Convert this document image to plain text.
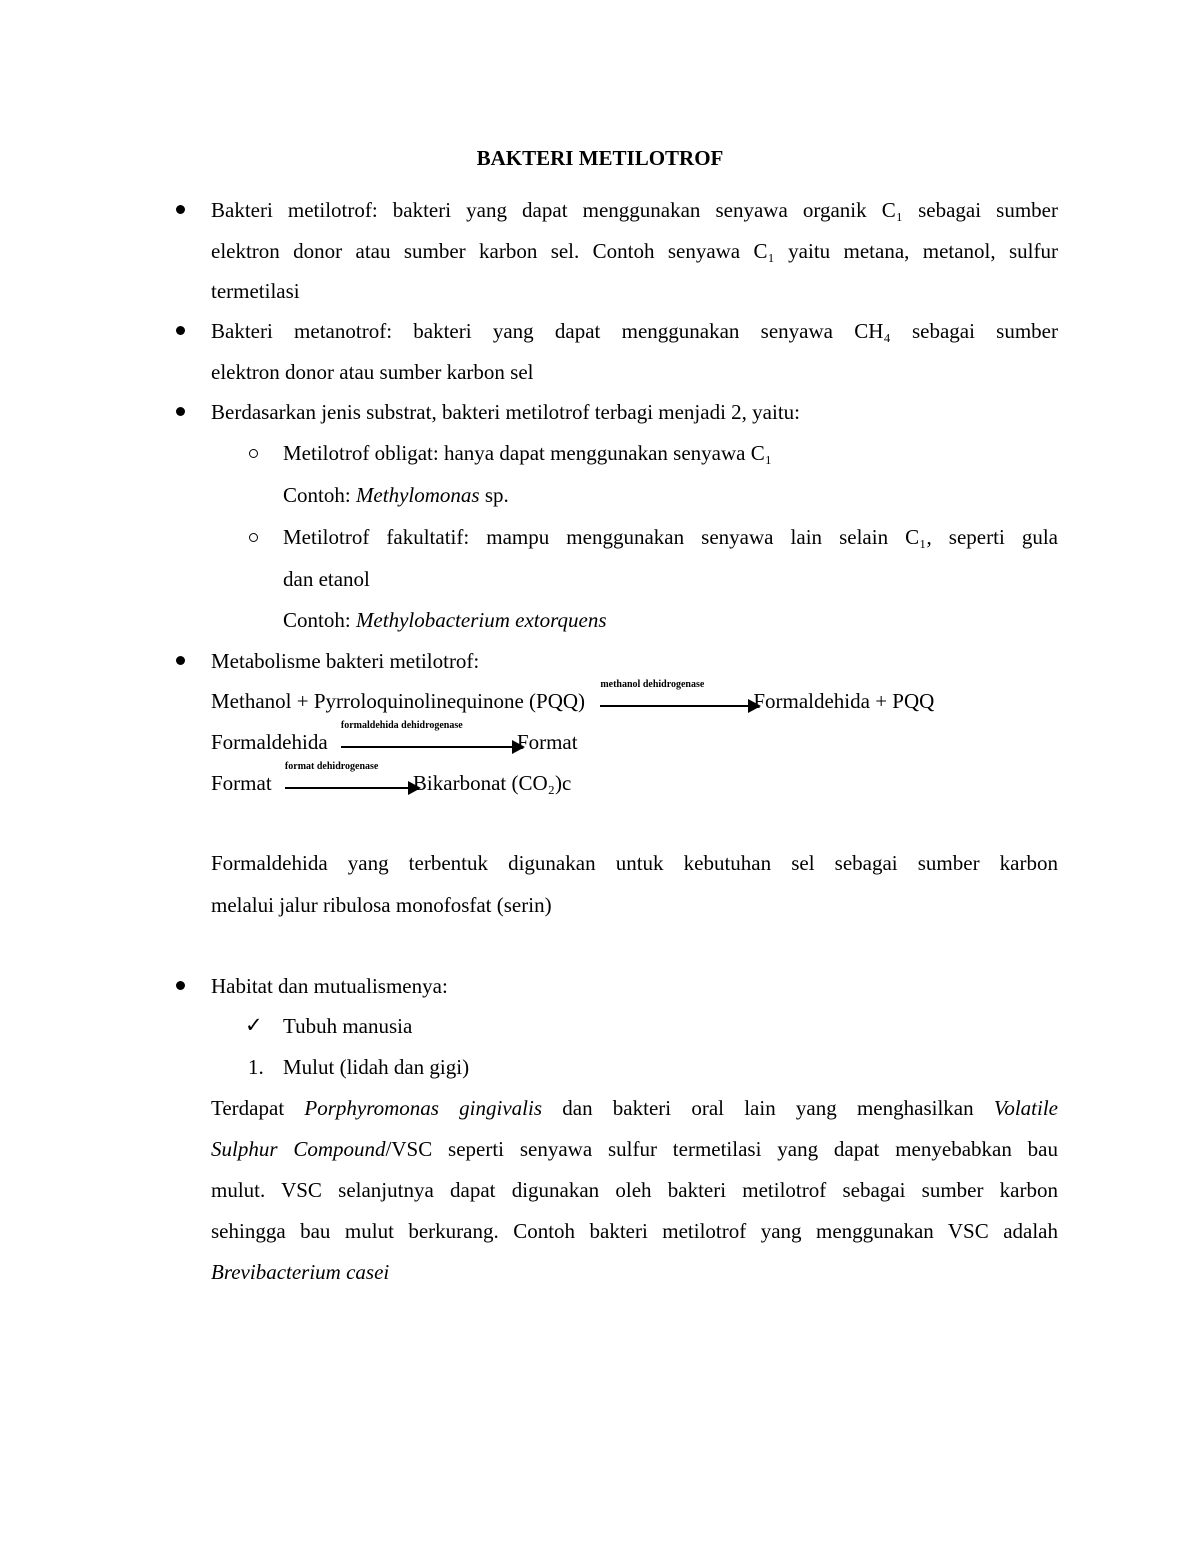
BAKTERI METILOTROF
Bakteri metilotrof: bakteri yang dapat menggunakan senyawa organik C₁ sebagai sumber
elektron donor atau sumber karbon sel. Contoh senyawa C₁ yaitu metana, metanol, sulfur
termetilasi
Bakteri metanotrof: bakteri yang dapat menggunakan senyawa CH₄ sebagai sumber
elektron donor atau sumber karbon sel
Berdasarkan jenis substrat, bakteri metilotrof terbagi menjadi 2, yaitu:
Metilotrof obligat: hanya dapat menggunakan senyawa C₁
Contoh: Methylomonas sp.
Metilotrof fakultatif: mampu menggunakan senyawa lain selain C₁, seperti gula
dan etanol
Contoh: Methylobacterium extorquens
Metabolisme bakteri metilotrof:
Methanol + Pyrroloquinolinequinone (PQQ)
methanol dehidrogenase
Formaldehida + PQQ
Formaldehida
formaldehida dehidrogenase
Format
Format
format dehidrogenase
Bikarbonat (CO₂)c
Formaldehida yang terbentuk digunakan untuk kebutuhan sel sebagai sumber karbon
melalui jalur ribulosa monofosfat (serin)
Habitat dan mutualismenya:
✓ Tubuh manusia
1. Mulut (lidah dan gigi)
Terdapat Porphyromonas gingivalis dan bakteri oral lain yang menghasilkan Volatile
Sulphur Compound/VSC seperti senyawa sulfur termetilasi yang dapat menyebabkan bau
mulut. VSC selanjutnya dapat digunakan oleh bakteri metilotrof sebagai sumber karbon
sehingga bau mulut berkurang. Contoh bakteri metilotrof yang menggunakan VSC adalah
Brevibacterium casei
